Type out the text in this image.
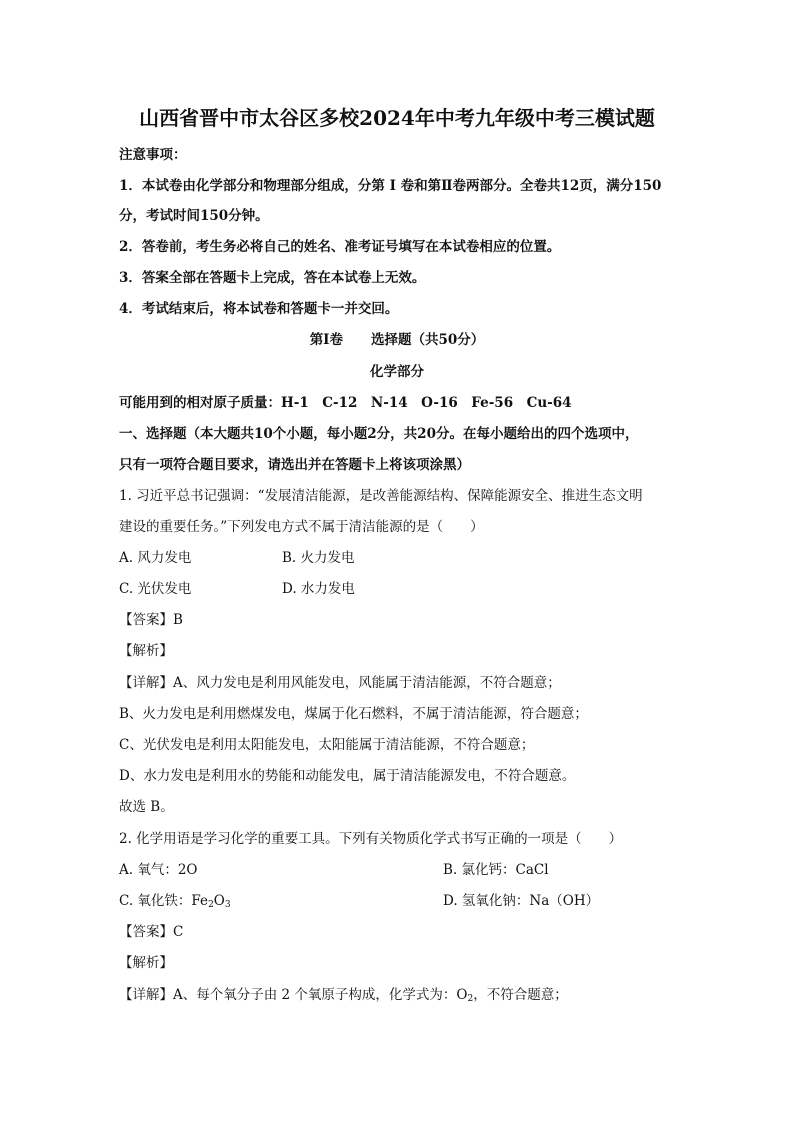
山西省晋中市太谷区多校2024年中考九年级中考三模试题
注意事项：
1．本试卷由化学部分和物理部分组成，分第 I 卷和第Ⅱ卷两部分。全卷共12页，满分150
分，考试时间150分钟。
2．答卷前，考生务必将自己的姓名、准考证号填写在本试卷相应的位置。
3．答案全部在答题卡上完成，答在本试卷上无效。
4．考试结束后，将本试卷和答题卡一并交回。
第Ⅰ卷 选择题（共50分）
化学部分
可能用到的相对原子质量：H-1　C-12　N-14　O-16　Fe-56　Cu-64
一、选择题（本大题共10个小题，每小题2分，共20分。在每小题给出的四个选项中，
只有一项符合题目要求，请选出并在答题卡上将该项涂黑）
1. 习近平总书记强调：“发展清洁能源，是改善能源结构、保障能源安全、推进生态文明
建设的重要任务。”下列发电方式不属于清洁能源的是（　　）
A. 风力发电	B. 火力发电
C. 光伏发电	D. 水力发电
【答案】B
【解析】
【详解】A、风力发电是利用风能发电，风能属于清洁能源，不符合题意；
B、火力发电是利用燃煤发电，煤属于化石燃料，不属于清洁能源，符合题意；
C、光伏发电是利用太阳能发电，太阳能属于清洁能源，不符合题意；
D、水力发电是利用水的势能和动能发电，属于清洁能源发电，不符合题意。
故选 B。
2. 化学用语是学习化学的重要工具。下列有关物质化学式书写正确的一项是（　　）
A. 氧气：2O	B. 氯化钙：CaCl
C. 氧化铁：$Fe_2O_3$	D. 氢氧化钠：Na（OH）
【答案】C
【解析】
【详解】A、每个氧分子由 2 个氧原子构成，化学式为：$O_2$，不符合题意；
